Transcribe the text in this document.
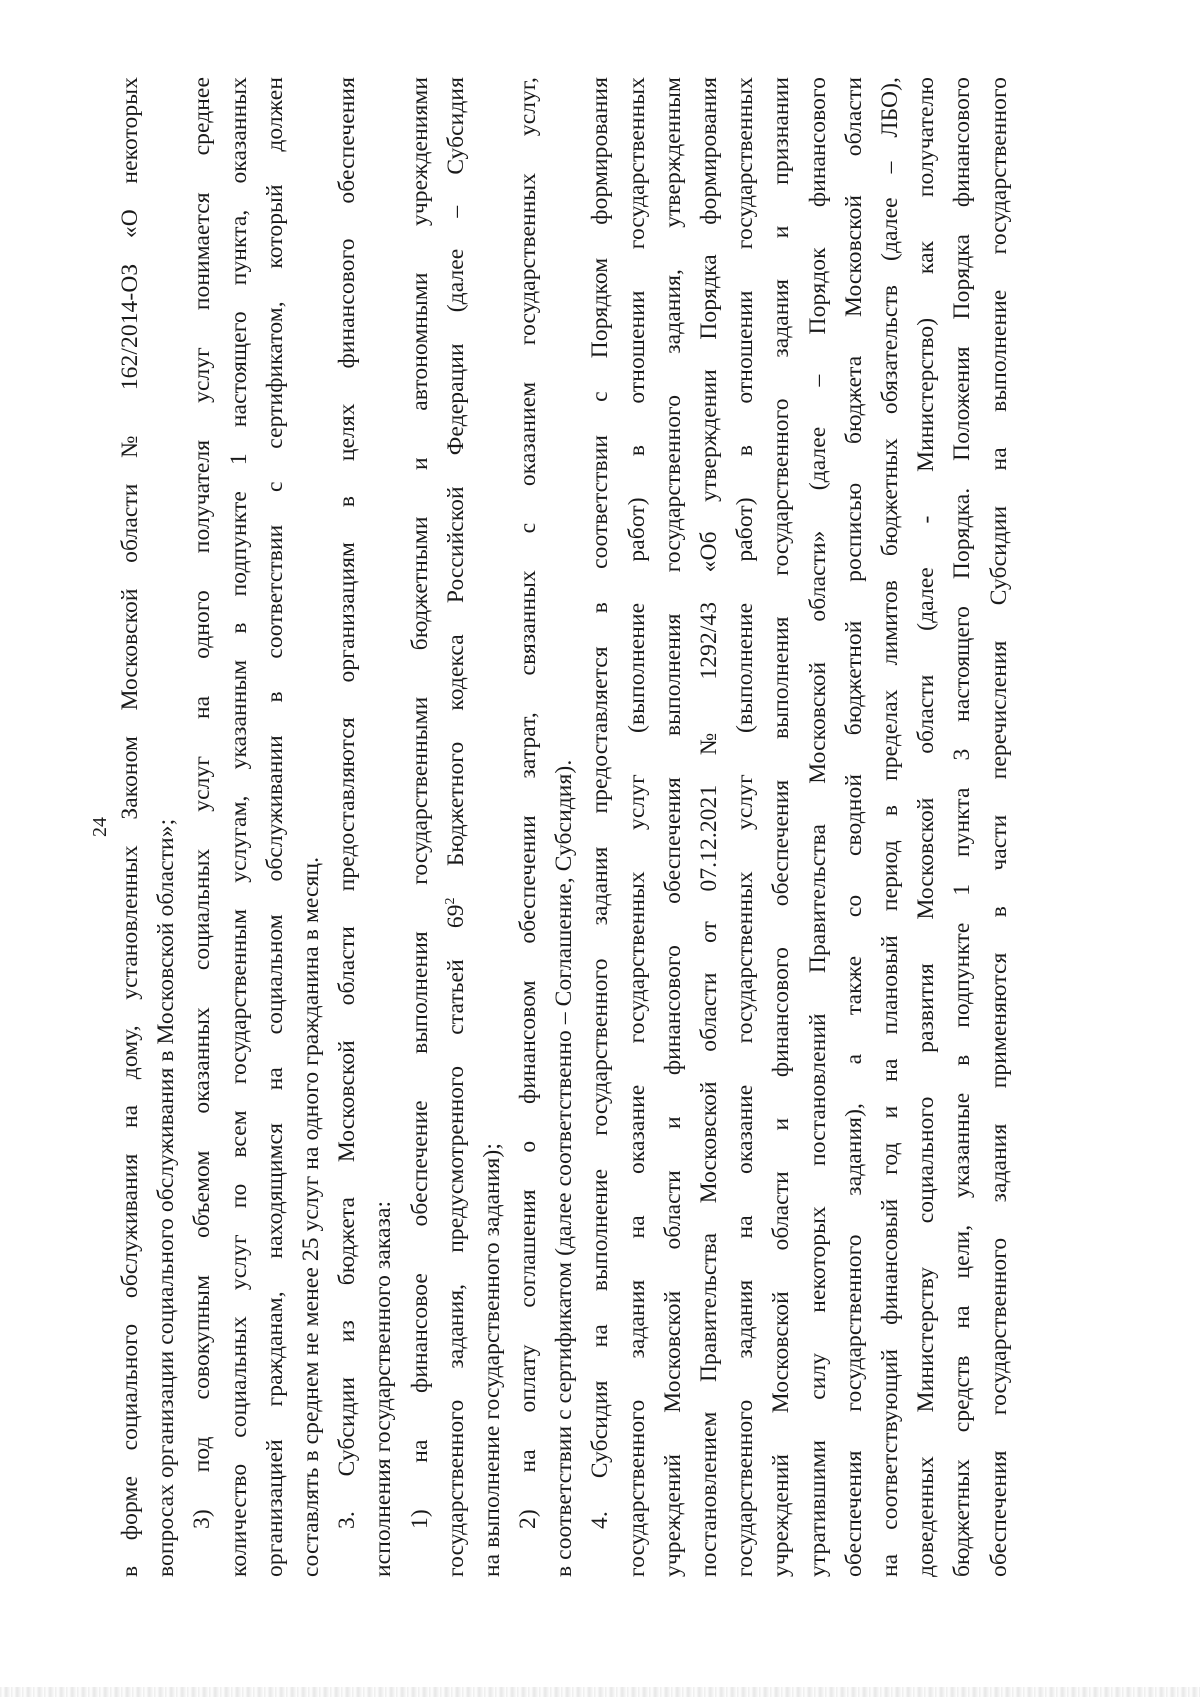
24 в форме социального обслуживания на дому, установленных Законом Московской области № 162/2014-ОЗ «О некоторых вопросах организации социального обслуживания в Московской области»; 3) под совокупным объемом оказанных социальных услуг на одного получателя услуг понимается среднее количество социальных услуг по всем государственным услугам, указанным в подпункте 1 настоящего пункта, оказанных организацией гражданам, находящимся на социальном обслуживании в соответствии с сертификатом, который должен составлять в среднем не менее 25 услуг на одного гражданина в месяц. 3. Субсидии из бюджета Московской области предоставляются организациям в целях финансового обеспечения исполнения государственного заказа: 1) на финансовое обеспечение выполнения государственными бюджетными и автономными учреждениями государственного задания, предусмотренного статьей $69^2$ Бюджетного кодекса Российской Федерации (далее – Субсидия
на выполнение государственного задания); 2) на оплату соглашения о финансовом обеспечении затрат, связанных с оказанием государственных услуг, в соответствии с сертификатом (далее соответственно – Соглашение, Субсидия). 4. Субсидия на выполнение государственного задания предоставляется в соответствии с Порядком формирования государственного задания на оказание государственных услуг (выполнение работ) в отношении государственных учреждений Московской области и финансового обеспечения выполнения государственного задания, утвержденным постановлением Правительства Московской области от 07.12.2021 № 1292/43 «Об утверждении Порядка формирования государственного задания на оказание государственных услуг (выполнение работ) в отношении государственных учреждений Московской области и финансового обеспечения выполнения государственного задания и признании утратившими силу некоторых постановлений Правительства Московской области» (далее – Порядок финансового обеспечения государственного задания), а также со сводной бюджетной росписью бюджета Московской области на соответствующий финансовый год и на плановый период в пределах лимитов бюджетных обязательств (далее – ЛБО), доведенных Министерству социального развития Московской области (далее - Министерство) как получателю бюджетных средств на цели, указанные в подпункте 1 пункта 3 настоящего Порядка. Положения Порядка финансового обеспечения государственного задания применяются в части перечисления Субсидии на выполнение государственного
